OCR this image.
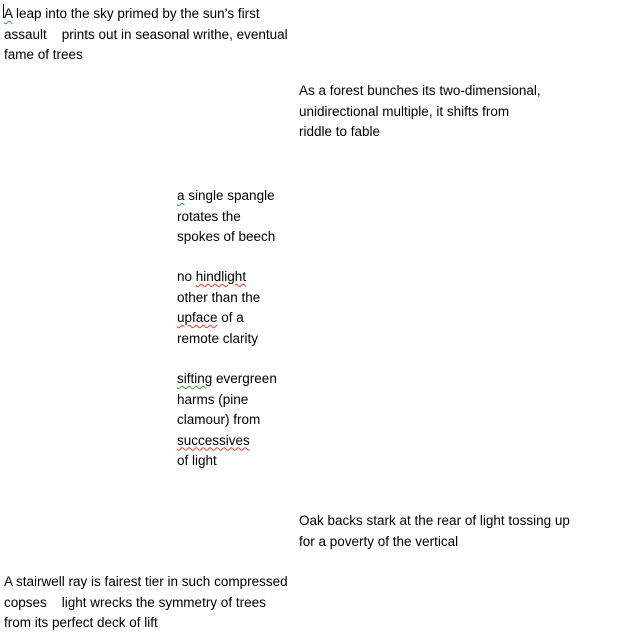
A leap into the sky primed by the sun’s first
assault    prints out in seasonal writhe, eventual
fame of trees
As a forest bunches its two-dimensional,
unidirectional multiple, it shifts from
riddle to fable
a single spangle
rotates the
spokes of beech
no hindlight
other than the
upface of a
remote clarity
sifting evergreen
harms (pine
clamour) from
successives
of light
Oak backs stark at the rear of light tossing up
for a poverty of the vertical
A stairwell ray is fairest tier in such compressed
copses    light wrecks the symmetry of trees
from its perfect deck of lift
